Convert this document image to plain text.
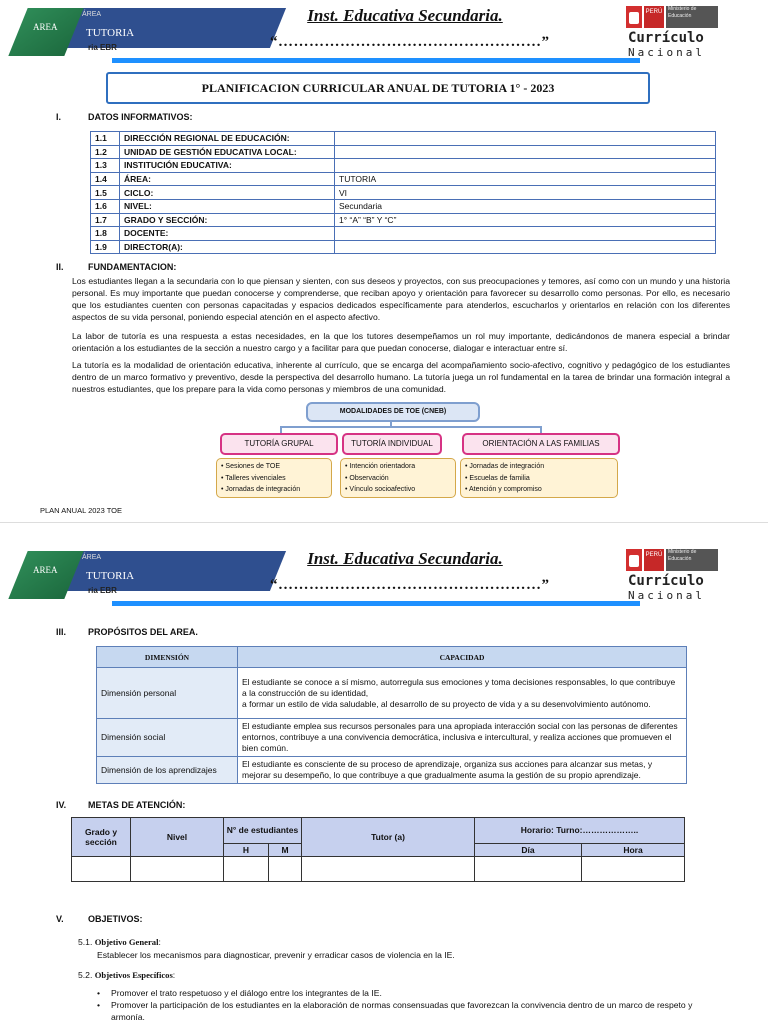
AREA
ÁREA
TUTORIA
ria EBR
Inst. Educativa Secundaria.
“……………………………………………”
PERÚ	Ministerio de Educación
Currículo
Nacional
PLANIFICACION CURRICULAR ANUAL DE TUTORIA 1° - 2023
I.	DATOS INFORMATIVOS:
1.1	DIRECCIÓN REGIONAL DE EDUCACIÓN:	
1.2	UNIDAD DE GESTIÓN EDUCATIVA LOCAL:	
1.3	INSTITUCIÓN EDUCATIVA:	
1.4	ÁREA:	TUTORIA
1.5	CICLO:	VI
1.6	NIVEL:	Secundaria
1.7	GRADO Y SECCIÓN:	1° “A” “B” Y “C”
1.8	DOCENTE:	
1.9	DIRECTOR(A):	
II.	FUNDAMENTACION:
Los estudiantes llegan a la secundaria con lo que piensan y sienten, con sus deseos y proyectos, con sus preocupaciones y temores, así como con un mundo y una historia personal. Es muy importante que puedan conocerse y comprenderse, que reciban apoyo y orientación para favorecer su desarrollo como personas. Por ello, es necesario que los estudiantes cuenten con personas capacitadas y espacios dedicados específicamente para atenderlos, escucharlos y orientarlos en relación con los diferentes aspectos de su vida personal, poniendo especial atención en el aspecto afectivo.
La labor de tutoría es una respuesta a estas necesidades, en la que los tutores desempeñamos un rol muy importante, dedicándonos de manera especial a brindar orientación a los estudiantes de la sección a nuestro cargo y a facilitar para que puedan conocerse, dialogar e interactuar entre sí.
La tutoría es la modalidad de orientación educativa, inherente al currículo, que se encarga del acompañamiento socio-afectivo, cognitivo y pedagógico de los estudiantes dentro de un marco formativo y preventivo, desde la perspectiva del desarrollo humano. La tutoría juega un rol fundamental en la tarea de brindar una formación integral a nuestros estudiantes, que los prepare para la vida como personas y miembros de una comunidad.
MODALIDADES DE TOE (CNEB)
TUTORÍA GRUPAL	TUTORÍA INDIVIDUAL	ORIENTACIÓN A LAS FAMILIAS
• Sesiones de TOE
• Talleres vivenciales
• Jornadas de integración
• Intención orientadora
• Observación
• Vínculo socioafectivo
• Jornadas de integración
• Escuelas de familia
• Atención y compromiso
PLAN ANUAL 2023 TOE
AREA
ÁREA
TUTORIA
ria EBR
Inst. Educativa Secundaria.
“……………………………………………”
PERÚ	Ministerio de Educación
Currículo
Nacional
III. PROPÓSITOS DEL AREA.
DIMENSIÓN	CAPACIDAD
Dimensión personal	El estudiante se conoce a sí mismo, autorregula sus emociones y toma decisiones responsables, lo que contribuye a la construcción de su identidad,
a formar un estilo de vida saludable, al desarrollo de su proyecto de vida y a su desenvolvimiento autónomo.
Dimensión social	El estudiante emplea sus recursos personales para una apropiada interacción social con las personas de diferentes entornos, contribuye a una convivencia democrática, inclusiva e intercultural, y realiza acciones que promueven el bien común.
Dimensión de los aprendizajes	El estudiante es consciente de su proceso de aprendizaje, organiza sus acciones para alcanzar sus metas, y mejorar su desempeño, lo que contribuye a que gradualmente asuma la gestión de su propio aprendizaje.
IV. METAS DE ATENCIÓN:
Grado y sección	Nivel	N° de estudiantes		Tutor (a)	Horario: Turno:………………..	
		H	M		Día	Hora

V.	OBJETIVOS:
5.1. Objetivo General:
Establecer los mecanismos para diagnosticar, prevenir y erradicar casos de violencia en la IE.
5.2. Objetivos Específicos:
• Promover el trato respetuoso y el diálogo entre los integrantes de la IE.
• Promover la participación de los estudiantes en la elaboración de normas consensuadas que favorezcan la convivencia dentro de un marco de respeto y armonía.
